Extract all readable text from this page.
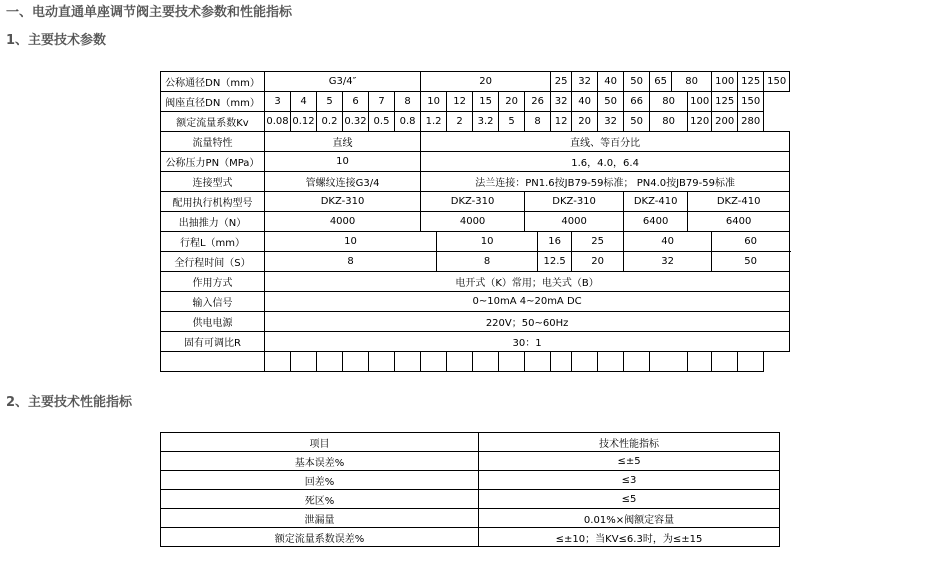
一、电动直通单座调节阀主要技术参数和性能指标
1、主要技术参数
2、主要技术性能指标
公称通径DN（mm）	G3/4″						20							25	32	40	50	65	80		100	125	150	
阀座直径DN（mm）	3	4	5	6	7	8	10		12	15	20	26		32	40	50	66	80		100	125	150		
额定流量系数Kv	0.08	0.12	0.2	0.32	0.5	0.8	1.2		2	3.2	5	8		12	20	32	50	80		120	200	280		
流量特性	直线						直线、等百分比																	
公称压力PN（MPa）	10						1.6，4.0，6.4																	
连接型式	管螺纹连接G3/4						法兰连接：PN1.6按JB79-59标准； PN4.0按JB79-59标准																	
配用执行机构型号	DKZ-310						DKZ-310					DKZ-310					DKZ-410			DKZ-410				
出抽推力（N）	4000						4000					4000					6400			6400				
行程L（mm）	10							10					16		25		40				60			
全行程时间（S）	8							8					12.5		20		32				50			
作用方式	电开式（K）常用；电关式（B）																							
输入信号	0~10mA 4~20mA DC																							
供电电源	220V；50~60Hz																							
固有可调比R	30：1																							

项目	技术性能指标
基本误差%	≤±5
回差%	≤3
死区%	≤5
泄漏量	0.01%×阀额定容量
额定流量系数误差%	≤±10；当KV≤6.3时，为≤±15
